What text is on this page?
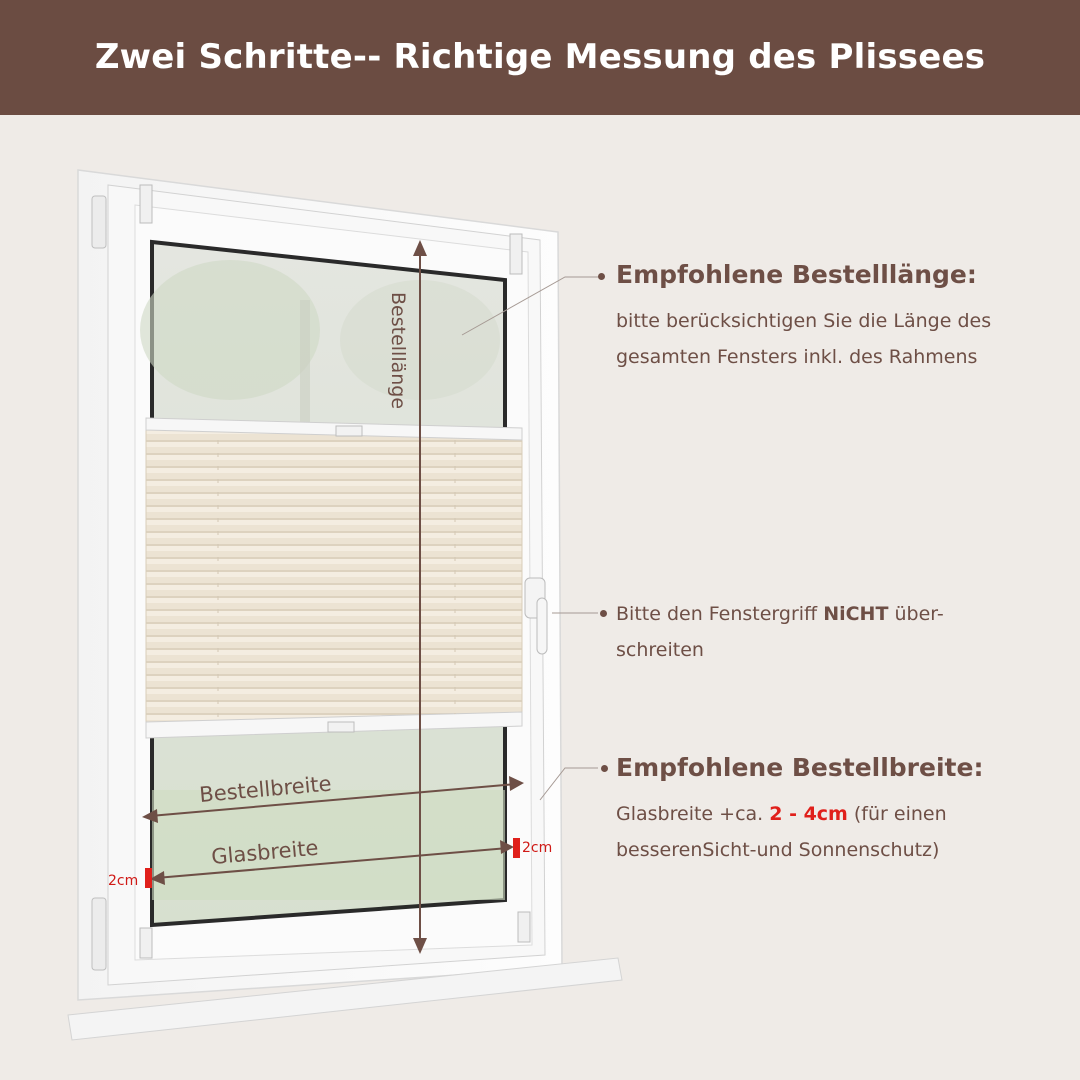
Zwei Schritte-- Richtige Messung des Plissees
Bestelllänge
Bestellbreite
Glasbreite
2cm
2cm
Empfohlene Bestelllänge:
bitte berücksichtigen Sie die Länge des
gesamten Fensters inkl. des Rahmens
Bitte den Fenstergriff NiCHT über-
schreiten
Empfohlene Bestellbreite:
Glasbreite +ca. 2 - 4cm (für einen
besserenSicht-und Sonnenschutz)
